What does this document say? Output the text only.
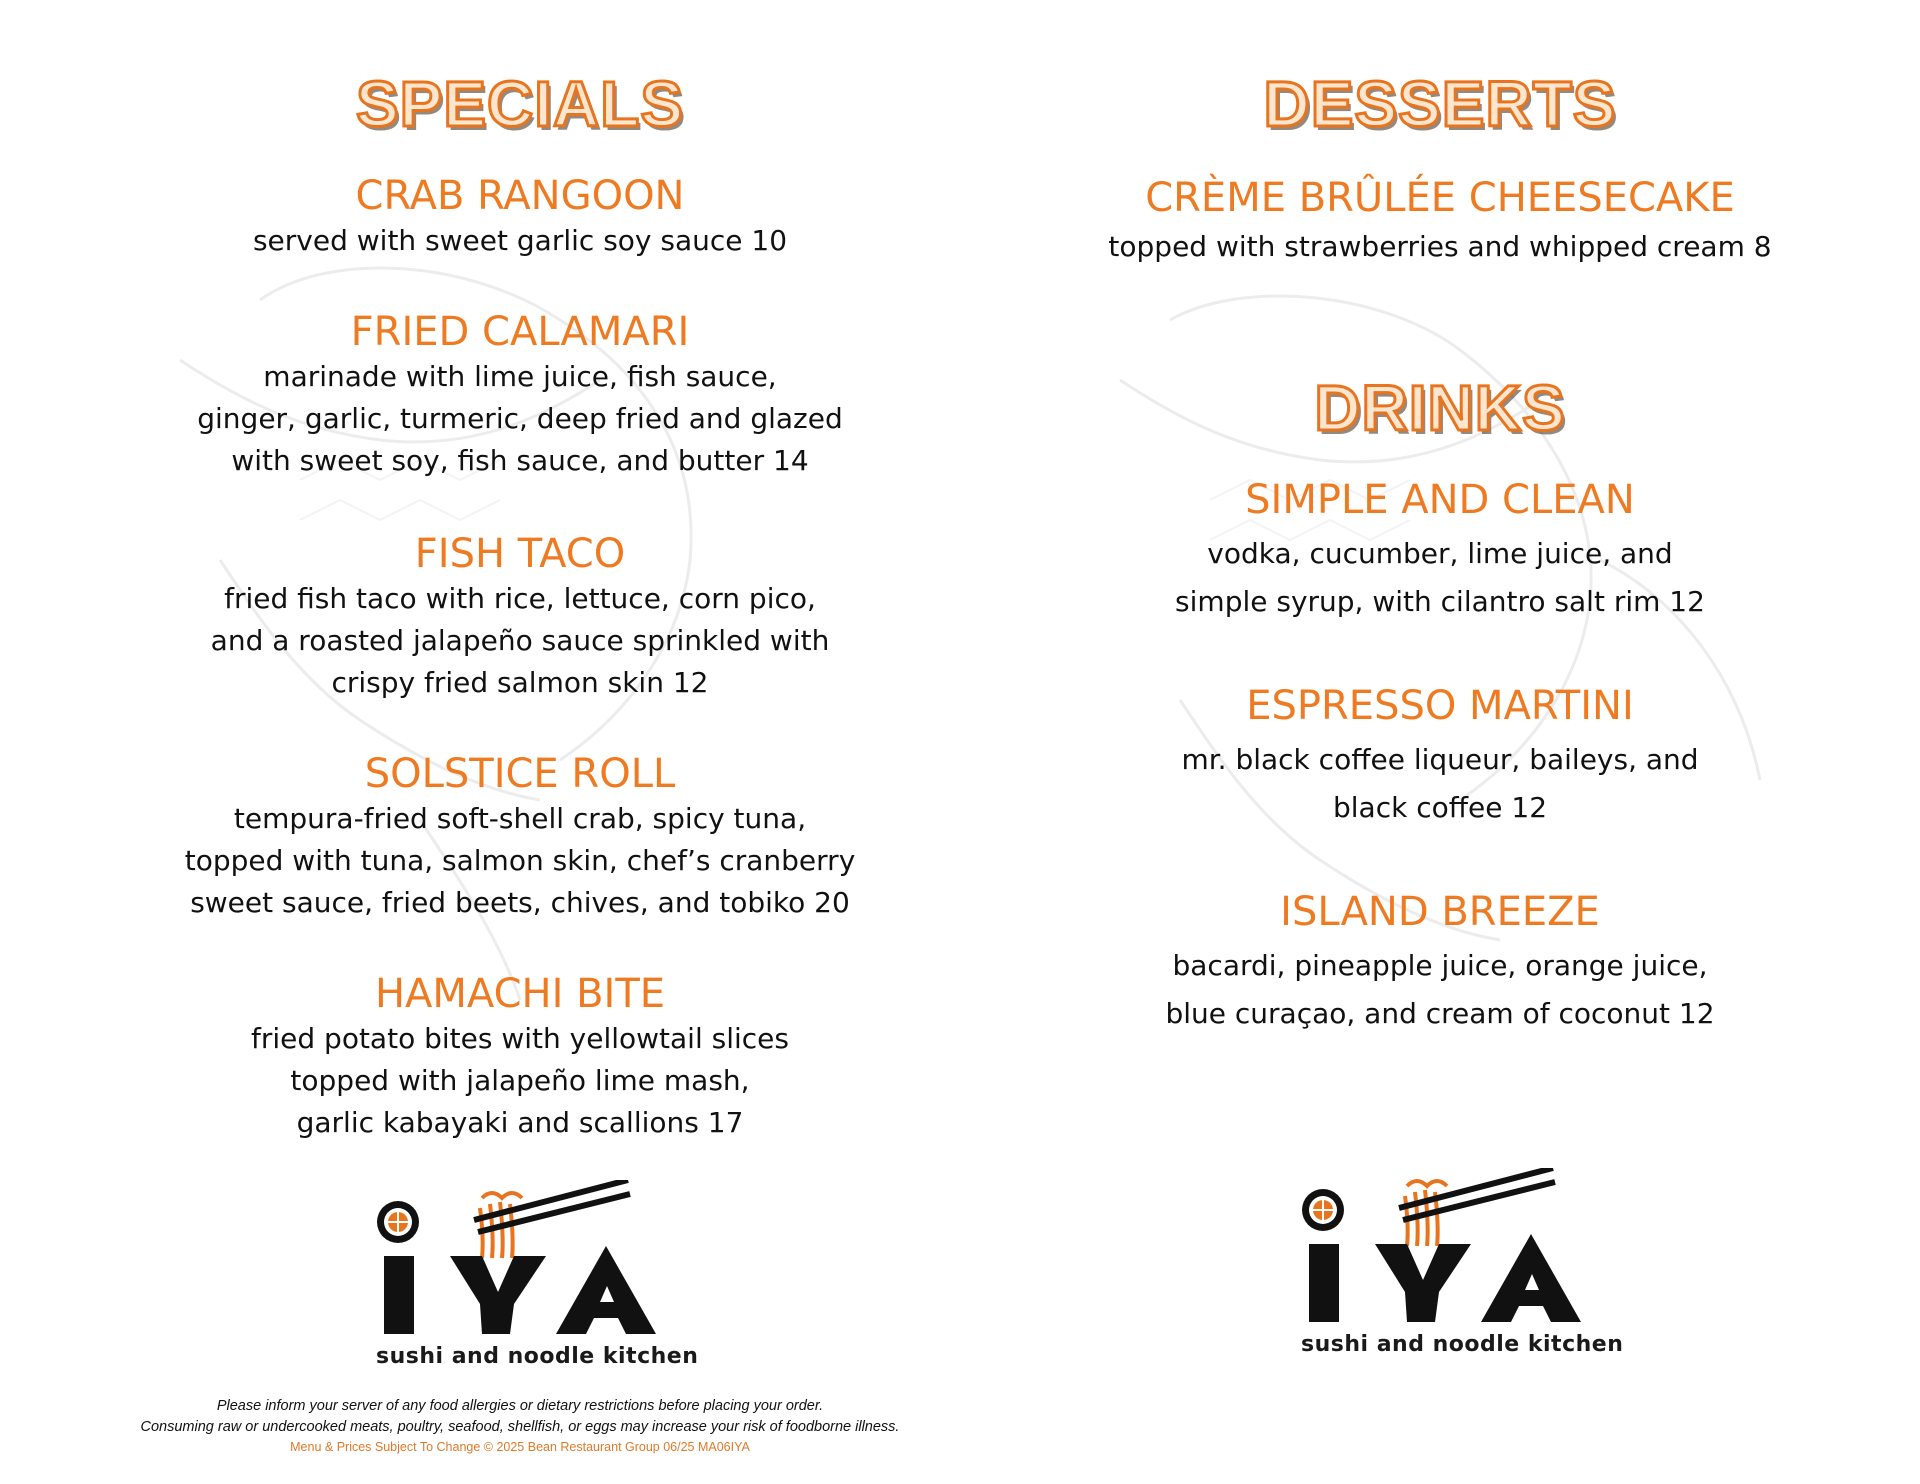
SPECIALS
CRAB RANGOON
served with sweet garlic soy sauce 10
FRIED CALAMARI
marinade with lime juice, fish sauce,
ginger, garlic, turmeric, deep fried and glazed
with sweet soy, fish sauce, and butter 14
FISH TACO
fried fish taco with rice, lettuce, corn pico,
and a roasted jalapeño sauce sprinkled with
crispy fried salmon skin 12
SOLSTICE ROLL
tempura-fried soft-shell crab, spicy tuna,
topped with tuna, salmon skin, chef’s cranberry
sweet sauce, fried beets, chives, and tobiko 20
HAMACHI BITE
fried potato bites with yellowtail slices
topped with jalapeño lime mash,
garlic kabayaki and scallions 17
sushi and noodle kitchen
DESSERTS
CRÈME BRÛLÉE CHEESECAKE
topped with strawberries and whipped cream 8
DRINKS
SIMPLE AND CLEAN
vodka, cucumber, lime juice, and
simple syrup, with cilantro salt rim 12
ESPRESSO MARTINI
mr. black coffee liqueur, baileys, and
black coffee 12
ISLAND BREEZE
bacardi, pineapple juice, orange juice,
blue curaçao, and cream of coconut 12
sushi and noodle kitchen
Please inform your server of any food allergies or dietary restrictions before placing your order.
Consuming raw or undercooked meats, poultry, seafood, shellfish, or eggs may increase your risk of foodborne illness.
Menu & Prices Subject To Change © 2025 Bean Restaurant Group 06/25 MA06IYA
